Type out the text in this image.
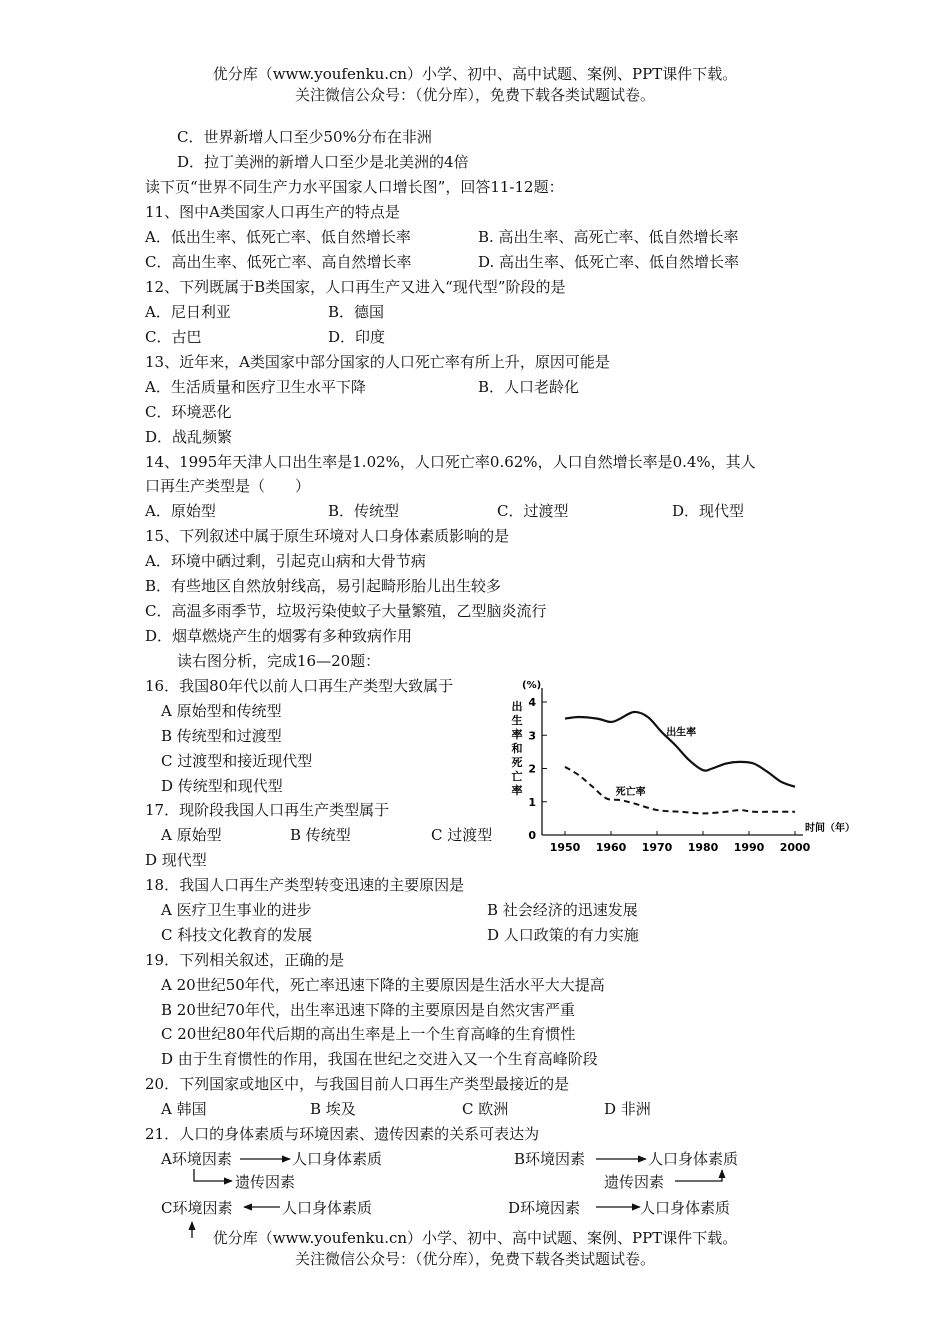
优分库（www.youfenku.cn）小学、初中、高中试题、案例、PPT课件下载。
关注微信公众号：（优分库），免费下载各类试题试卷。
C．世界新增人口至少50%分布在非洲
D．拉丁美洲的新增人口至少是北美洲的4倍
读下页“世界不同生产力水平国家人口增长图”，回答11-12题：
11、图中A类国家人口再生产的特点是
A．低出生率、低死亡率、低自然增长率	B. 高出生率、高死亡率、低自然增长率
C．高出生率、低死亡率、高自然增长率	D. 高出生率、低死亡率、低自然增长率
12、下列既属于B类国家，人口再生产又进入“现代型”阶段的是
A．尼日利亚	B．德国
C．古巴	D．印度
13、近年来，A类国家中部分国家的人口死亡率有所上升，原因可能是
A．生活质量和医疗卫生水平下降	B．人口老龄化
C．环境恶化
D．战乱频繁
14、1995年天津人口出生率是1.02%，人口死亡率0.62%，人口自然增长率是0.4%，其人
口再生产类型是（　　）
A．原始型	B．传统型	C．过渡型	D．现代型
15、下列叙述中属于原生环境对人口身体素质影响的是
A．环境中硒过剩，引起克山病和大骨节病
B．有些地区自然放射线高，易引起畸形胎儿出生较多
C．高温多雨季节，垃圾污染使蚊子大量繁殖，乙型脑炎流行
D．烟草燃烧产生的烟雾有多种致病作用
读右图分析，完成16—20题：
16．我国80年代以前人口再生产类型大致属于
A 原始型和传统型
B 传统型和过渡型
C 过渡型和接近现代型
D 传统型和现代型
17．现阶段我国人口再生产类型属于
A 原始型	B 传统型	C 过渡型
D 现代型
0
1
2
3
4
1950 1960 1970 1980 1990 2000
(%)
出
生
率
和
死
亡
率
时间（年）
出生率
死亡率
18．我国人口再生产类型转变迅速的主要原因是
A 医疗卫生事业的进步	B 社会经济的迅速发展
C 科技文化教育的发展	D 人口政策的有力实施
19．下列相关叙述，正确的是
A 20世纪50年代，死亡率迅速下降的主要原因是生活水平大大提高
B 20世纪70年代，出生率迅速下降的主要原因是自然灾害严重
C 20世纪80年代后期的高出生率是上一个生育高峰的生育惯性
D 由于生育惯性的作用，我国在世纪之交进入又一个生育高峰阶段
20．下列国家或地区中，与我国目前人口再生产类型最接近的是
A 韩国	B 埃及	C 欧洲	D 非洲
21．人口的身体素质与环境因素、遗传因素的关系可表达为
A环境因素	人口身体素质
遗传因素
B环境因素	人口身体素质
遗传因素
C环境因素	人口身体素质	D环境因素	人口身体素质
优分库（www.youfenku.cn）小学、初中、高中试题、案例、PPT课件下载。
关注微信公众号：（优分库），免费下载各类试题试卷。
